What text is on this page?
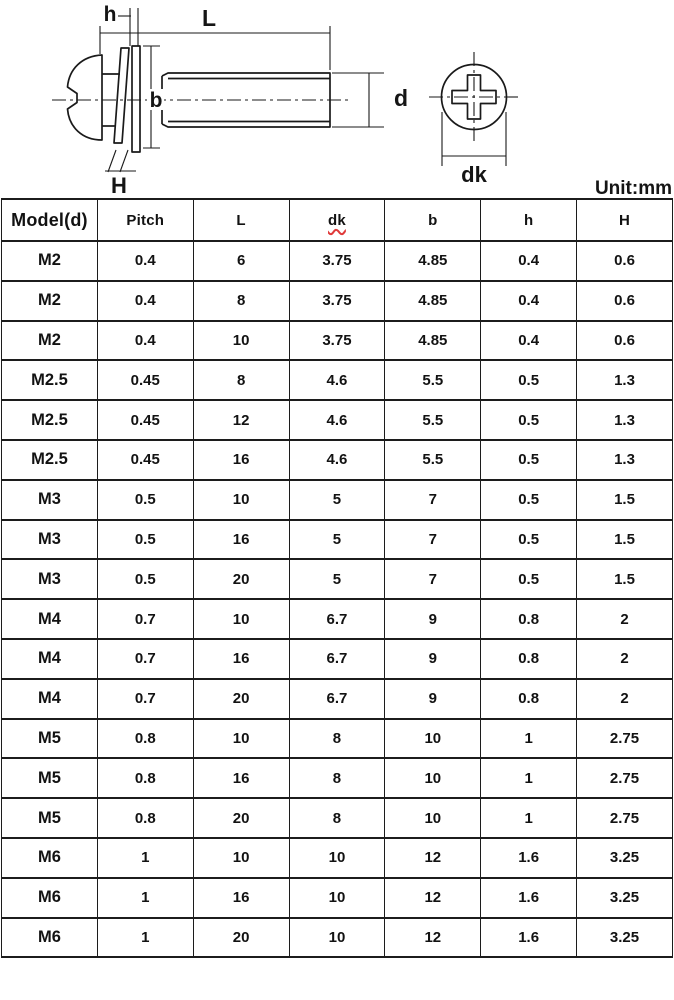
h	L
b	d
H	dk
Unit:mm
Model(d)	Pitch	L	dk	b	h	H
M2	0.4	6	3.75	4.85	0.4	0.6
M2	0.4	8	3.75	4.85	0.4	0.6
M2	0.4	10	3.75	4.85	0.4	0.6
M2.5	0.45	8	4.6	5.5	0.5	1.3
M2.5	0.45	12	4.6	5.5	0.5	1.3
M2.5	0.45	16	4.6	5.5	0.5	1.3
M3	0.5	10	5	7	0.5	1.5
M3	0.5	16	5	7	0.5	1.5
M3	0.5	20	5	7	0.5	1.5
M4	0.7	10	6.7	9	0.8	2
M4	0.7	16	6.7	9	0.8	2
M4	0.7	20	6.7	9	0.8	2
M5	0.8	10	8	10	1	2.75
M5	0.8	16	8	10	1	2.75
M5	0.8	20	8	10	1	2.75
M6	1	10	10	12	1.6	3.25
M6	1	16	10	12	1.6	3.25
M6	1	20	10	12	1.6	3.25
